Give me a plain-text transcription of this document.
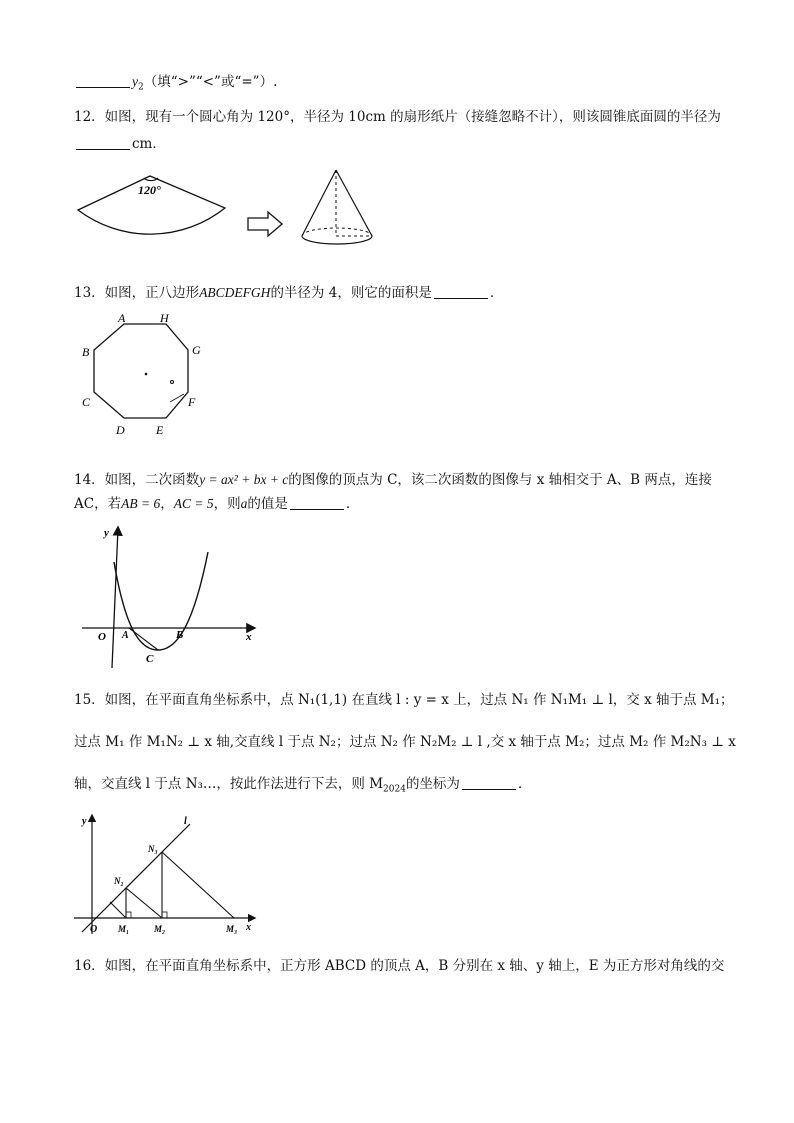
$y_2$（填“>”“<”或“=”）.
12．如图，现有一个圆心角为 120°，半径为 10cm 的扇形纸片（接缝忽略不计），则该圆锥底面圆的半径为
cm．
120°
13．如图，正八边形ABCDEFGH的半径为 4，则它的面积是	．
A	H
G
F
E
D
C
B
14．如图，二次函数y = ax² + bx + c的图像的顶点为 C，该二次函数的图像与 x 轴相交于 A、B 两点，连接
AC，若AB = 6，AC = 5，则a的值是	．
y
x
O A	B
C
15．如图，在平面直角坐标系中，点 N₁(1,1) 在直线 l : y = x 上，过点 N₁ 作 N₁M₁ ⊥ l，交 x 轴于点 M₁；
过点 M₁ 作 M₁N₂ ⊥ x 轴,交直线 l 于点 N₂；过点 N₂ 作 N₂M₂ ⊥ l ,交 x 轴于点 M₂；过点 M₂ 作 M₂N₃ ⊥ x
轴，交直线 l 于点 N₃…，按此作法进行下去，则 $M_{2024}$的坐标为	．
y
x
O
l
N₂
N₃
M₁	M₂	M₃
16．如图，在平面直角坐标系中，正方形 ABCD 的顶点 A，B 分别在 x 轴、y 轴上，E 为正方形对角线的交
